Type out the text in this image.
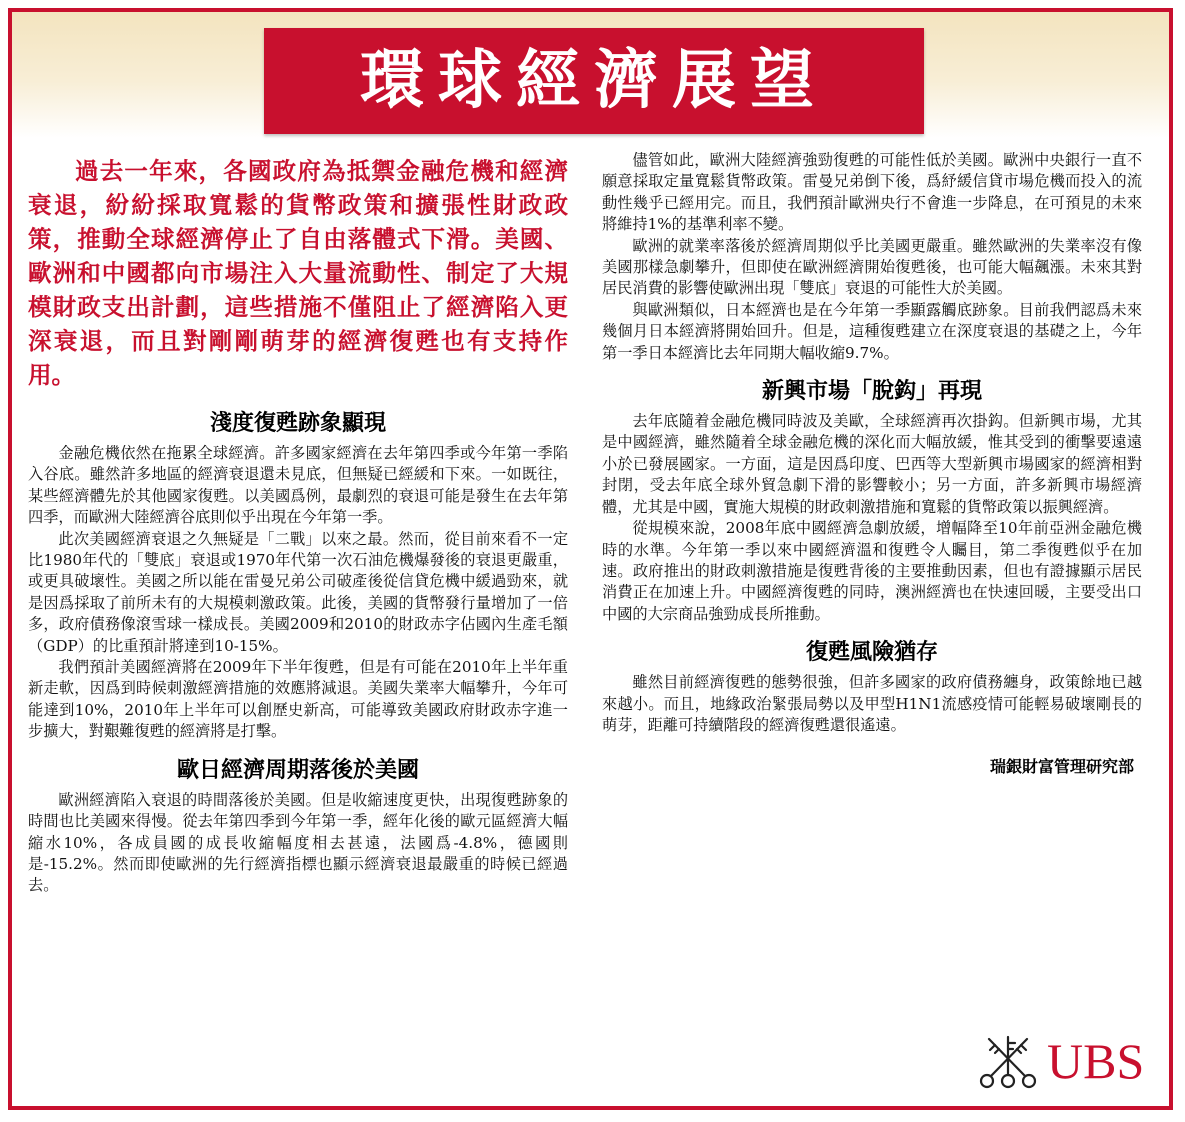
環球經濟展望

過去一年來，各國政府為抵禦金融危機和經濟衰退，紛紛採取寬鬆的貨幣政策和擴張性財政政策，推動全球經濟停止了自由落體式下滑。美國、歐洲和中國都向市場注入大量流動性、制定了大規模財政支出計劃，這些措施不僅阻止了經濟陷入更深衰退，而且對剛剛萌芽的經濟復甦也有支持作用。

淺度復甦跡象顯現

金融危機依然在拖累全球經濟。許多國家經濟在去年第四季或今年第一季陷入谷底。雖然許多地區的經濟衰退還未見底，但無疑已經緩和下來。一如既往，某些經濟體先於其他國家復甦。以美國爲例，最劇烈的衰退可能是發生在去年第四季，而歐洲大陸經濟谷底則似乎出現在今年第一季。

此次美國經濟衰退之久無疑是「二戰」以來之最。然而，從目前來看不一定比1980年代的「雙底」衰退或1970年代第一次石油危機爆發後的衰退更嚴重，或更具破壞性。美國之所以能在雷曼兄弟公司破產後從信貸危機中緩過勁來，就是因爲採取了前所未有的大規模刺激政策。此後，美國的貨幣發行量增加了一倍多，政府債務像滾雪球一樣成長。美國2009和2010的財政赤字佔國內生產毛額（GDP）的比重預計將達到10-15%。

我們預計美國經濟將在2009年下半年復甦，但是有可能在2010年上半年重新走軟，因爲到時候刺激經濟措施的效應將減退。美國失業率大幅攀升，今年可能達到10%，2010年上半年可以創歷史新高，可能導致美國政府財政赤字進一步擴大，對艱難復甦的經濟將是打擊。

歐日經濟周期落後於美國

歐洲經濟陷入衰退的時間落後於美國。但是收縮速度更快，出現復甦跡象的時間也比美國來得慢。從去年第四季到今年第一季，經年化後的歐元區經濟大幅縮水10%，各成員國的成長收縮幅度相去甚遠，法國爲-4.8%，德國則是-15.2%。然而即使歐洲的先行經濟指標也顯示經濟衰退最嚴重的時候已經過去。

儘管如此，歐洲大陸經濟強勁復甦的可能性低於美國。歐洲中央銀行一直不願意採取定量寬鬆貨幣政策。雷曼兄弟倒下後，爲紓緩信貸市場危機而投入的流動性幾乎已經用完。而且，我們預計歐洲央行不會進一步降息，在可預見的未來將維持1%的基準利率不變。

歐洲的就業率落後於經濟周期似乎比美國更嚴重。雖然歐洲的失業率沒有像美國那樣急劇攀升，但即使在歐洲經濟開始復甦後，也可能大幅飆漲。未來其對居民消費的影響使歐洲出現「雙底」衰退的可能性大於美國。

與歐洲類似，日本經濟也是在今年第一季顯露觸底跡象。目前我們認爲未來幾個月日本經濟將開始回升。但是，這種復甦建立在深度衰退的基礎之上，今年第一季日本經濟比去年同期大幅收縮9.7%。

新興市場「脫鈎」再現

去年底隨着金融危機同時波及美歐，全球經濟再次掛鈎。但新興市場，尤其是中國經濟，雖然隨着全球金融危機的深化而大幅放緩，惟其受到的衝擊要遠遠小於已發展國家。一方面，這是因爲印度、巴西等大型新興市場國家的經濟相對封閉，受去年底全球外貿急劇下滑的影響較小；另一方面，許多新興市場經濟體，尤其是中國，實施大規模的財政刺激措施和寬鬆的貨幣政策以振興經濟。

從規模來說，2008年底中國經濟急劇放緩，增幅降至10年前亞洲金融危機時的水準。今年第一季以來中國經濟溫和復甦令人矚目，第二季復甦似乎在加速。政府推出的財政刺激措施是復甦背後的主要推動因素，但也有證據顯示居民消費正在加速上升。中國經濟復甦的同時，澳洲經濟也在快速回暖，主要受出口中國的大宗商品強勁成長所推動。

復甦風險猶存

雖然目前經濟復甦的態勢很強，但許多國家的政府債務纏身，政策餘地已越來越小。而且，地緣政治緊張局勢以及甲型H1N1流感疫情可能輕易破壞剛長的萌芽，距離可持續階段的經濟復甦還很遙遠。

瑞銀財富管理研究部
UBS
